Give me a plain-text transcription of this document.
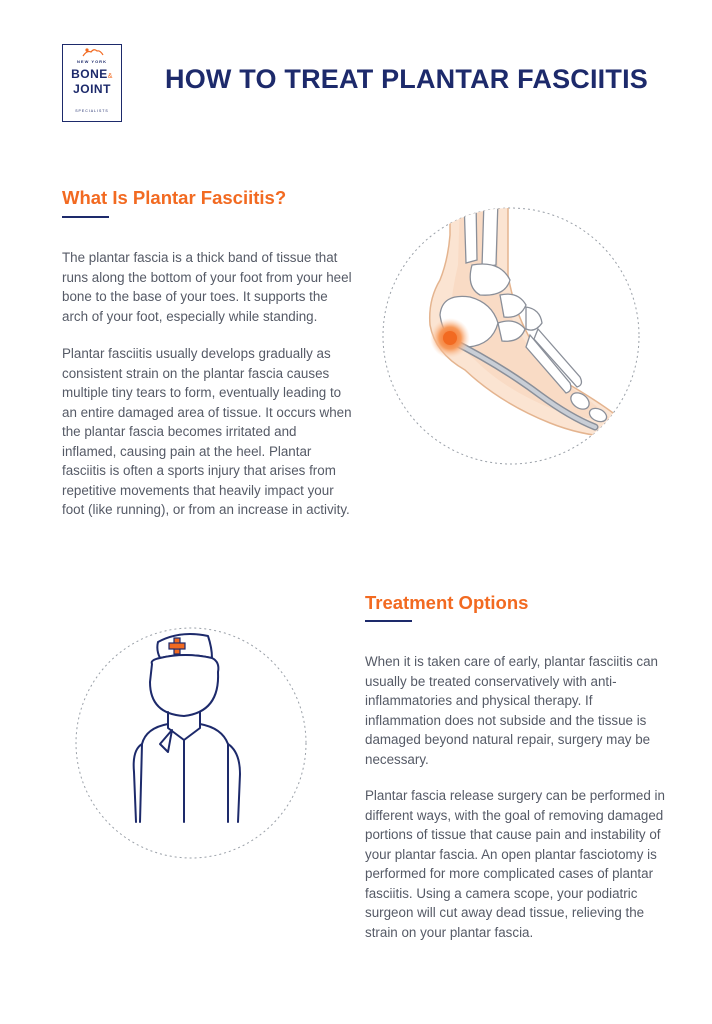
NEW YORK
BONE&
JOINT
SPECIALISTS
HOW TO TREAT PLANTAR FASCIITIS
What Is Plantar Fasciitis?

The plantar fascia is a thick band of tissue that runs along the bottom of your foot from your heel bone to the base of your toes. It supports the arch of your foot, especially while standing.

Plantar fasciitis usually develops gradually as consistent strain on the plantar fascia causes multiple tiny tears to form, eventually leading to an entire damaged area of tissue. It occurs when the plantar fascia becomes irritated and inflamed, causing pain at the heel. Plantar fasciitis is often a sports injury that arises from repetitive movements that heavily impact your foot (like running), or from an increase in activity.

Treatment Options

When it is taken care of early, plantar fasciitis can usually be treated conservatively with anti-inflammatories and physical therapy. If inflammation does not subside and the tissue is damaged beyond natural repair, surgery may be necessary.

Plantar fascia release surgery can be performed in different ways, with the goal of removing damaged portions of tissue that cause pain and instability of your plantar fascia. An open plantar fasciotomy is performed for more complicated cases of plantar fasciitis. Using a camera scope, your podiatric surgeon will cut away dead tissue, relieving the strain on your plantar fascia.
